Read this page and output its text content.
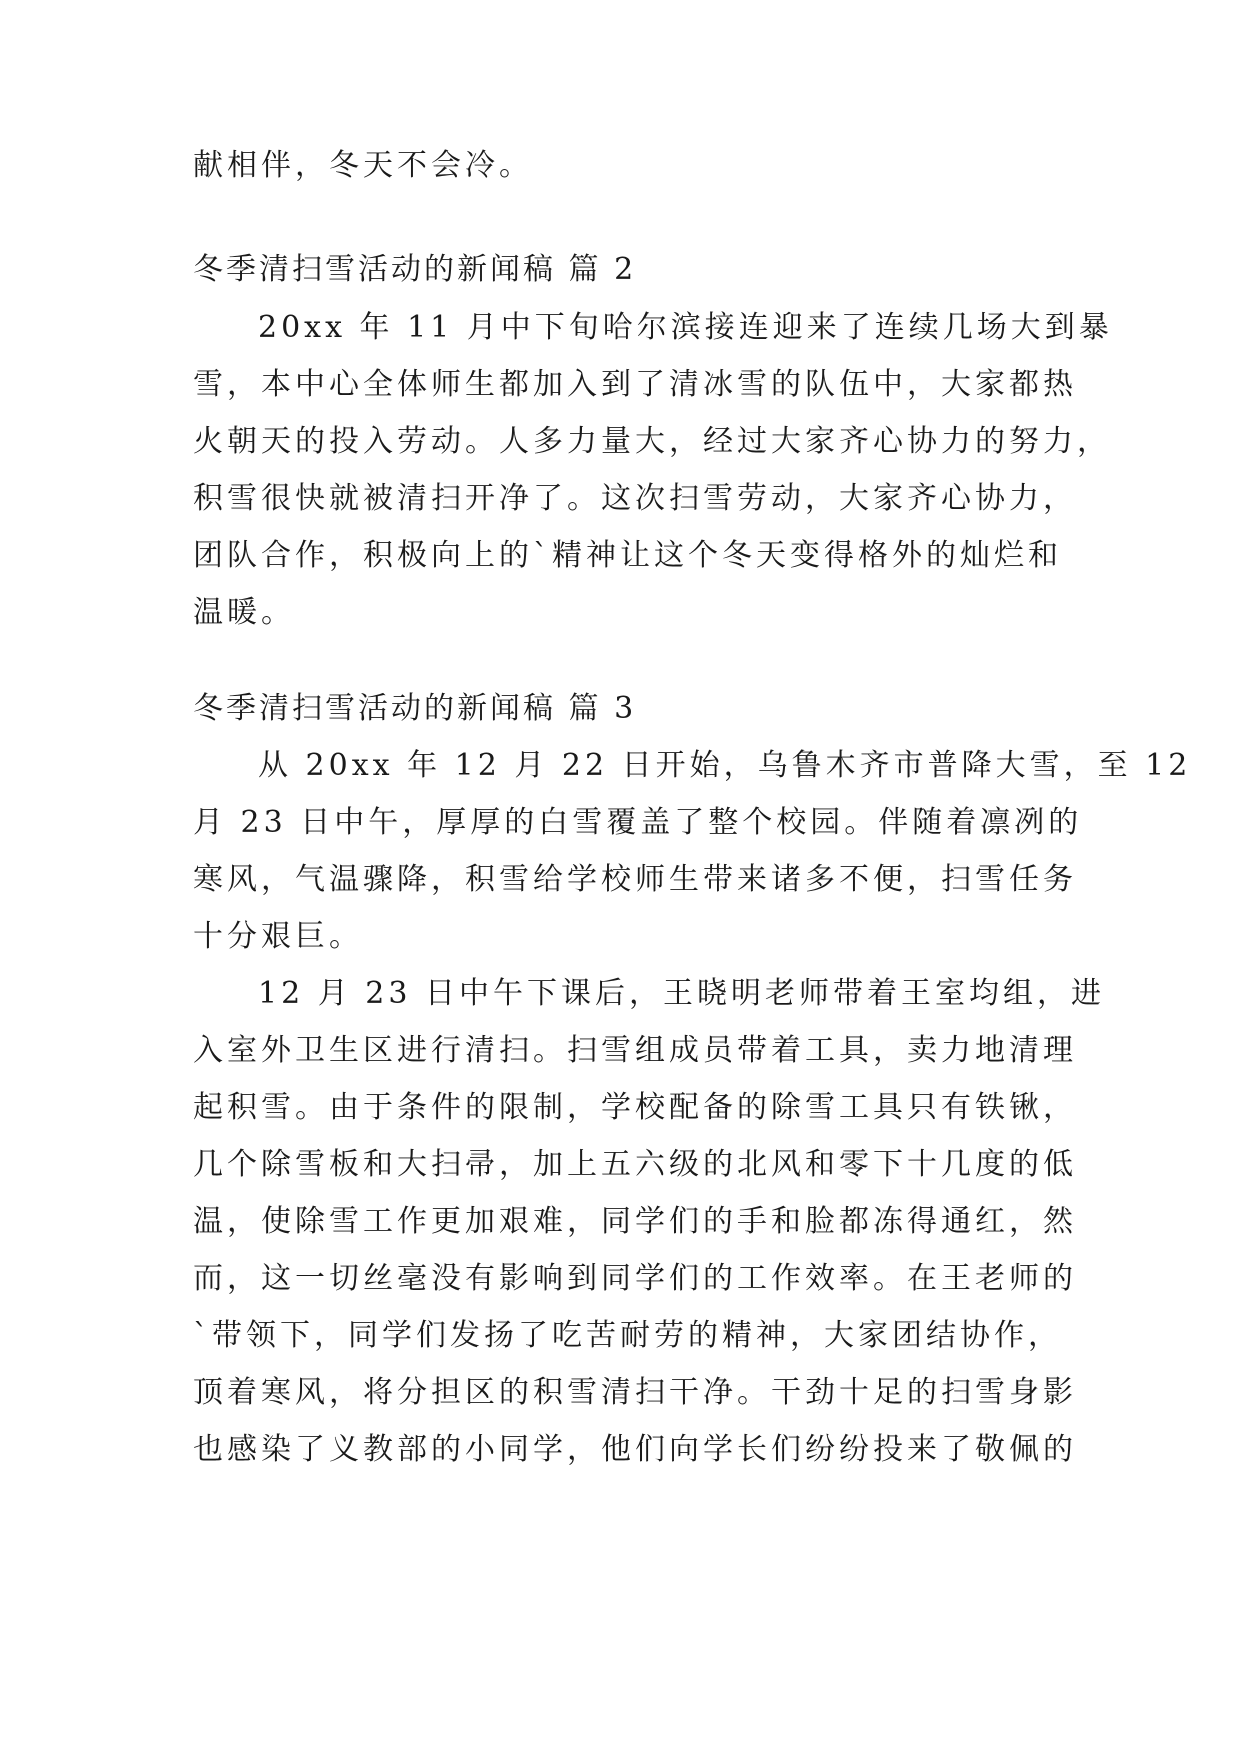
献相伴，冬天不会冷。
冬季清扫雪活动的新闻稿 篇 2
20xx 年 11 月中下旬哈尔滨接连迎来了连续几场大到暴
雪，本中心全体师生都加入到了清冰雪的队伍中，大家都热
火朝天的投入劳动。人多力量大，经过大家齐心协力的努力，
积雪很快就被清扫开净了。这次扫雪劳动，大家齐心协力，
团队合作，积极向上的`精神让这个冬天变得格外的灿烂和
温暖。
冬季清扫雪活动的新闻稿 篇 3
从 20xx 年 12 月 22 日开始，乌鲁木齐市普降大雪，至 12
月 23 日中午，厚厚的白雪覆盖了整个校园。伴随着凛冽的
寒风，气温骤降，积雪给学校师生带来诸多不便，扫雪任务
十分艰巨。
12 月 23 日中午下课后，王晓明老师带着王室均组，进
入室外卫生区进行清扫。扫雪组成员带着工具，卖力地清理
起积雪。由于条件的限制，学校配备的除雪工具只有铁锹，
几个除雪板和大扫帚，加上五六级的北风和零下十几度的低
温，使除雪工作更加艰难，同学们的手和脸都冻得通红，然
而，这一切丝毫没有影响到同学们的工作效率。在王老师的
`带领下，同学们发扬了吃苦耐劳的精神，大家团结协作，
顶着寒风，将分担区的积雪清扫干净。干劲十足的扫雪身影
也感染了义教部的小同学，他们向学长们纷纷投来了敬佩的
